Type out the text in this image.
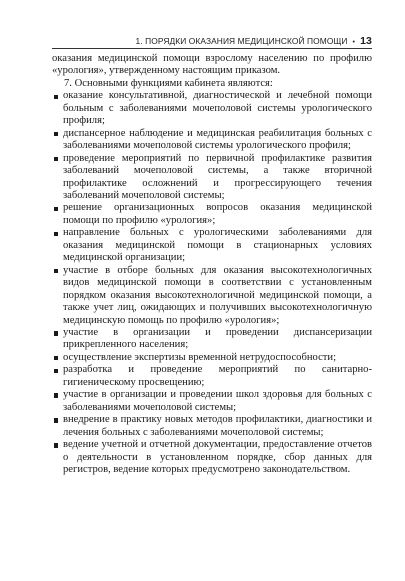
1. ПОРЯДКИ ОКАЗАНИЯ МЕДИЦИНСКОЙ ПОМОЩИ • 13

оказания медицинской помощи взрослому населению по профилю «урология», утвержденному настоящим приказом.

7. Основными функциями кабинета являются:

оказание консультативной, диагностической и лечебной помощи больным с заболеваниями мочеполовой системы урологического профиля;
диспансерное наблюдение и медицинская реабилитация больных с заболеваниями мочеполовой системы урологического профиля;
проведение мероприятий по первичной профилактике развития заболеваний мочеполовой системы, а также вторичной профилактике осложнений и прогрессирующего течения заболеваний мочеполовой системы;
решение организационных вопросов оказания медицинской помощи по профилю «урология»;
направление больных с урологическими заболеваниями для оказания медицинской помощи в стационарных условиях медицинской организации;
участие в отборе больных для оказания высокотехнологичных видов медицинской помощи в соответствии с установленным порядком оказания высокотехнологичной медицинской помощи, а также учет лиц, ожидающих и получивших высокотехнологичную медицинскую помощь по профилю «урология»;
участие в организации и проведении диспансеризации прикрепленного населения;
осуществление экспертизы временной нетрудоспособности;
разработка и проведение мероприятий по санитарно-гигиеническому просвещению;
участие в организации и проведении школ здоровья для больных с заболеваниями мочеполовой системы;
внедрение в практику новых методов профилактики, диагностики и лечения больных с заболеваниями мочеполовой системы;
ведение учетной и отчетной документации, предоставление отчетов о деятельности в установленном порядке, сбор данных для регистров, ведение которых предусмотрено законодательством.
